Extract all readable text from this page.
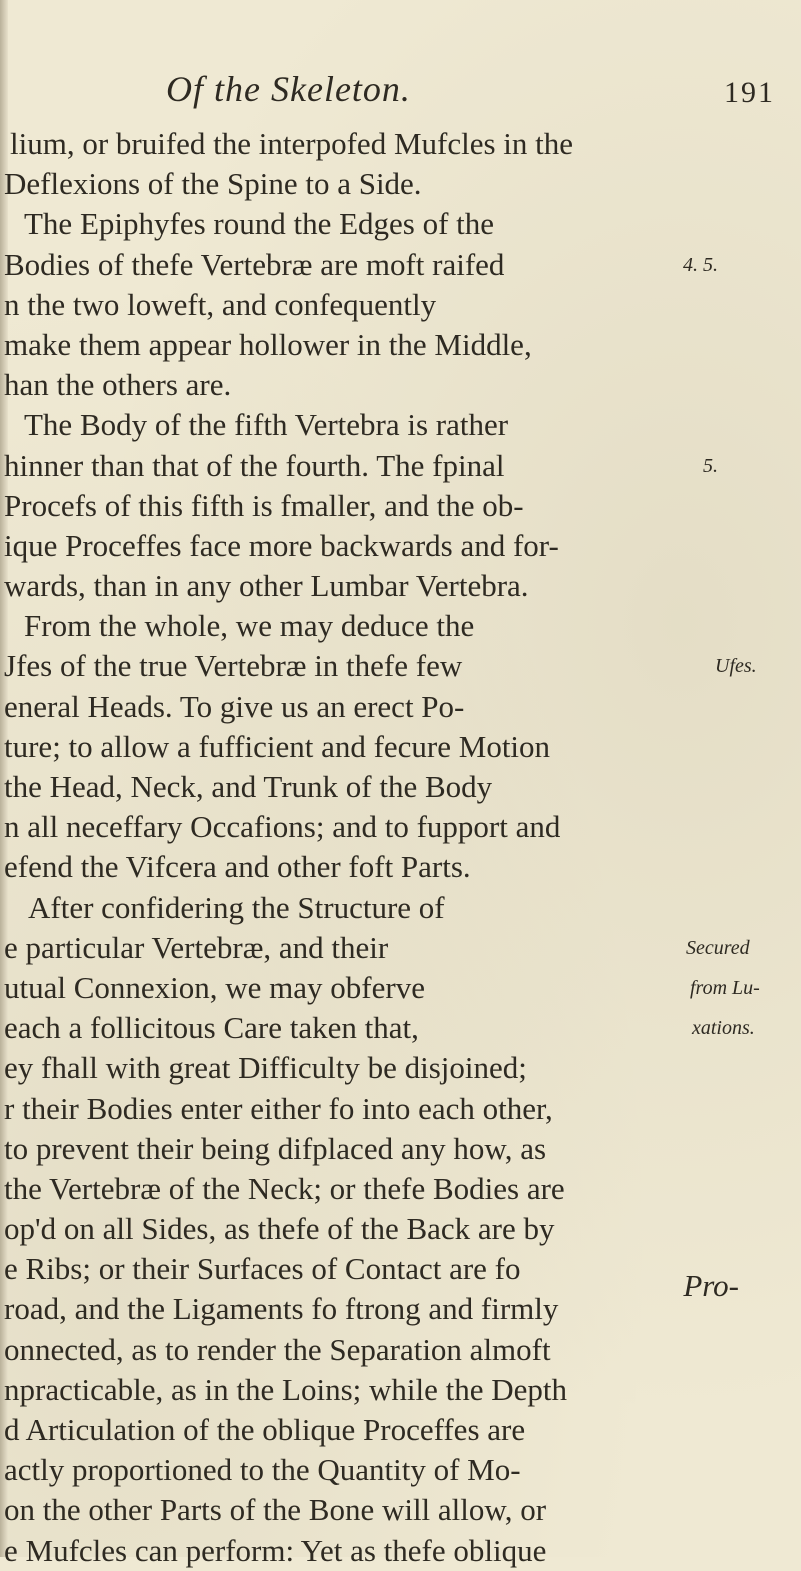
Of the Skeleton.	191
lium, or bruifed the interpofed Mufcles in the
Deflexions of the Spine to a Side.
The Epiphyfes round the Edges of the
Bodies of thefe Vertebræ are moft raifed	4. 5.
n the two loweft, and confequently
make them appear hollower in the Middle,
han the others are.
The Body of the fifth Vertebra is rather
hinner than that of the fourth. The fpinal	5.
Procefs of this fifth is fmaller, and the ob-
ique Proceffes face more backwards and for-
wards, than in any other Lumbar Vertebra.
From the whole, we may deduce the
Jfes of the true Vertebræ in thefe few	Ufes.
eneral Heads. To give us an erect Po-
ture; to allow a fufficient and fecure Motion
the Head, Neck, and Trunk of the Body
n all neceffary Occafions; and to fupport and
efend the Vifcera and other foft Parts.
After confidering the Structure of
e particular Vertebræ, and their	Secured
utual Connexion, we may obferve	from Lu-
each a follicitous Care taken that,	xations.
ey fhall with great Difficulty be disjoined;
r their Bodies enter either fo into each other,
to prevent their being difplaced any how, as
the Vertebræ of the Neck; or thefe Bodies are
op'd on all Sides, as thefe of the Back are by
e Ribs; or their Surfaces of Contact are fo
road, and the Ligaments fo ftrong and firmly
onnected, as to render the Separation almoft
npracticable, as in the Loins; while the Depth
d Articulation of the oblique Proceffes are
actly proportioned to the Quantity of Mo-
on the other Parts of the Bone will allow, or
e Mufcles can perform: Yet as thefe oblique
Pro-
